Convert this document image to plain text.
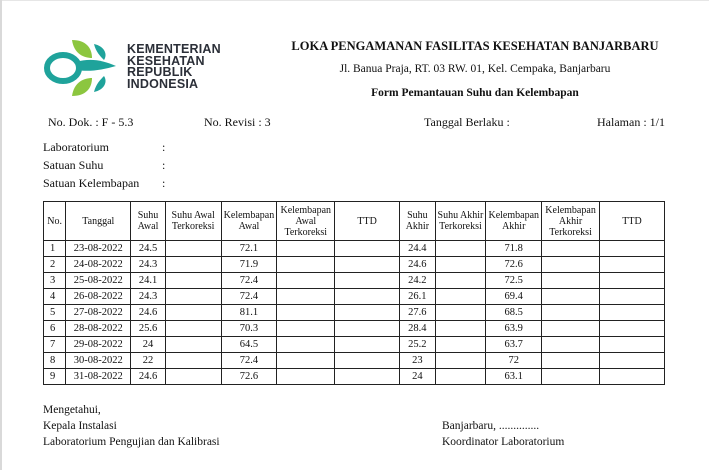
KEMENTERIAN
KESEHATAN
REPUBLIK
INDONESIA
LOKA PENGAMANAN FASILITAS KESEHATAN BANJARBARU
Jl. Banua Praja, RT. 03 RW. 01, Kel. Cempaka, Banjarbaru
Form Pemantauan Suhu dan Kelembapan
No. Dok. : F - 5.3	No. Revisi : 3	Tanggal Berlaku :	Halaman : 1/1
Laboratorium	:
Satuan Suhu	:
Satuan Kelembapan :
No.	Tanggal	Suhu Awal	Suhu Awal Terkoreksi	Kelembapan Awal	Kelembapan Awal Terkoreksi	TTD	Suhu Akhir	Suhu Akhir Terkoreksi	Kelembapan Akhir	Kelembapan Akhir Terkoreksi	TTD
1	23-08-2022	24.5		72.1			24.4		71.8		
2	24-08-2022	24.3		71.9			24.6		72.6		
3	25-08-2022	24.1		72.4			24.2		72.5		
4	26-08-2022	24.3		72.4			26.1		69.4		
5	27-08-2022	24.6		81.1			27.6		68.5		
6	28-08-2022	25.6		70.3			28.4		63.9		
7	29-08-2022	24		64.5			25.2		63.7		
8	30-08-2022	22		72.4			23		72		
9	31-08-2022	24.6		72.6			24		63.1		
Mengetahui,
Kepala Instalasi
Laboratorium Pengujian dan Kalibrasi
Banjarbaru, ..............
Koordinator Laboratorium
